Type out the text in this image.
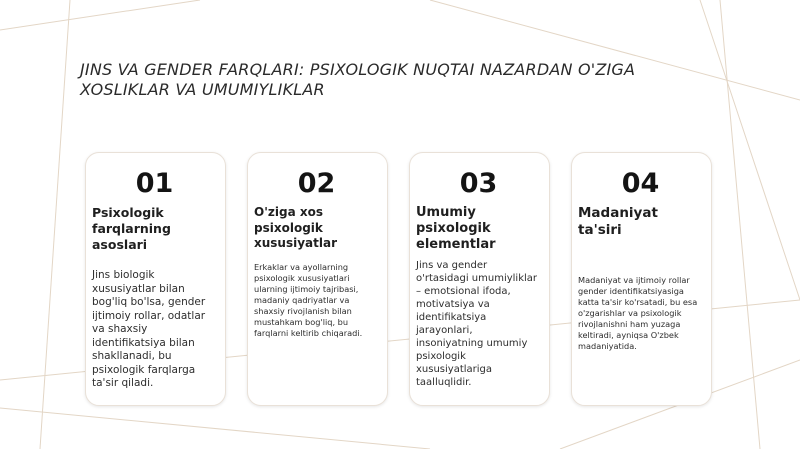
JINS VA GENDER FARQLARI: PSIXOLOGIK NUQTAI NAZARDAN O'ZIGA XOSLIKLAR VA UMUMIYLIKLAR
01
Psixologik farqlarning asoslari
Jins biologik xususiyatlar bilan bog'liq bo'lsa, gender ijtimoiy rollar, odatlar va shaxsiy identifikatsiya bilan shakllanadi, bu psixologik farqlarga ta'sir qiladi.
02
O'ziga xos psixologik xususiyatlar
Erkaklar va ayollarning psixologik xususiyatlari ularning ijtimoiy tajribasi, madaniy qadriyatlar va shaxsiy rivojlanish bilan mustahkam bog'liq, bu farqlarni keltirib chiqaradi.
03
Umumiy psixologik elementlar
Jins va gender o'rtasidagi umumiyliklar – emotsional ifoda, motivatsiya va identifikatsiya jarayonlari, insoniyatning umumiy psixologik xususiyatlariga taalluqlidir.
04
Madaniyat ta'siri
Madaniyat va ijtimoiy rollar gender identifikatsiyasiga katta ta'sir ko'rsatadi, bu esa o'zgarishlar va psixologik rivojlanishni ham yuzaga keltiradi, ayniqsa O'zbek madaniyatida.
